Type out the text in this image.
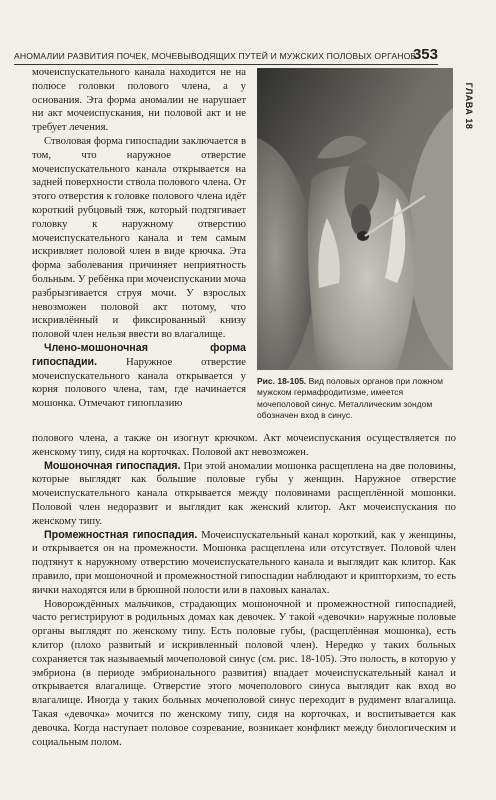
АНОМАЛИИ РАЗВИТИЯ ПОЧЕК, МОЧЕВЫВОДЯЩИХ ПУТЕЙ И МУЖСКИХ ПОЛОВЫХ ОРГАНОВ
353
ГЛАВА 18
Рис. 18-105. Вид половых органов при ложном мужском гермафродитизме, имеется мочеполовой синус. Металлическим зондом обозначен вход в синус.

мочеиспускательного канала находится не на полюсе головки полового члена, а у основания. Эта форма аномалии не нарушает ни акт мочеиспускания, ни половой акт и не требует лечения.

Стволовая форма гипоспадии заключается в том, что наружное отверстие мочеиспускательного канала открывается на задней поверхности ствола полового члена. От этого отверстия к головке полового члена идёт короткий рубцовый тяж, который подтягивает головку к наружному отверстию мочеиспускательного канала и тем самым искривляет половой член в виде крючка. Эта форма заболевания причиняет неприятность больным. У ребёнка при мочеиспускании моча разбрызгивается струя мочи. У взрослых невозможен половой акт потому, что искривлённый и фиксированный книзу половой член нельзя ввести во влагалище.

Члено-мошоночная форма гипоспадии. Наружное отверстие мочеиспускательного канала открывается у корня полового члена, там, где начинается мошонка. Отмечают гипоплазию

полового члена, а также он изогнут крючком. Акт мочеиспускания осуществляется по женскому типу, сидя на корточках. Половой акт невозможен.

Мошоночная гипоспадия. При этой аномалии мошонка расщеплена на две половины, которые выглядят как большие половые губы у женщин. Наружное отверстие мочеиспускательного канала открывается между половинами расщеплённой мошонки. Половой член недоразвит и выглядит как женский клитор. Акт мочеиспускания по женскому типу.

Промежностная гипоспадия. Мочеиспускательный канал короткий, как у женщины, и открывается он на промежности. Мошонка расщеплена или отсутствует. Половой член подтянут к наружному отверстию мочеиспускательного канала и выглядит как клитор. Как правило, при мошоночной и промежностной гипоспадии наблюдают и крипторхизм, то есть яички находятся или в брюшной полости или в паховых каналах.

Новорождённых мальчиков, страдающих мошоночной и промежностной гипоспадией, часто регистрируют в родильных домах как девочек. У такой «девочки» наружные половые органы выглядят по женскому типу. Есть половые губы, (расщеплённая мошонка), есть клитор (плохо развитый и искривленный половой член). Нередко у таких больных сохраняется так называемый мочеполовой синус (см. рис. 18-105). Это полость, в которую у эмбриона (в периоде эмбрионального развития) впадает мочеиспускательный канал и открывается влагалище. Отверстие этого мочеполового синуса выглядит как вход во влагалище. Иногда у таких больных мочеполовой синус переходит в рудимент влагалища. Такая «девочка» мочится по женскому типу, сидя на корточках, и воспитывается как девочка. Когда наступает половое созревание, возникает конфликт между биологическим и социальным полом.
